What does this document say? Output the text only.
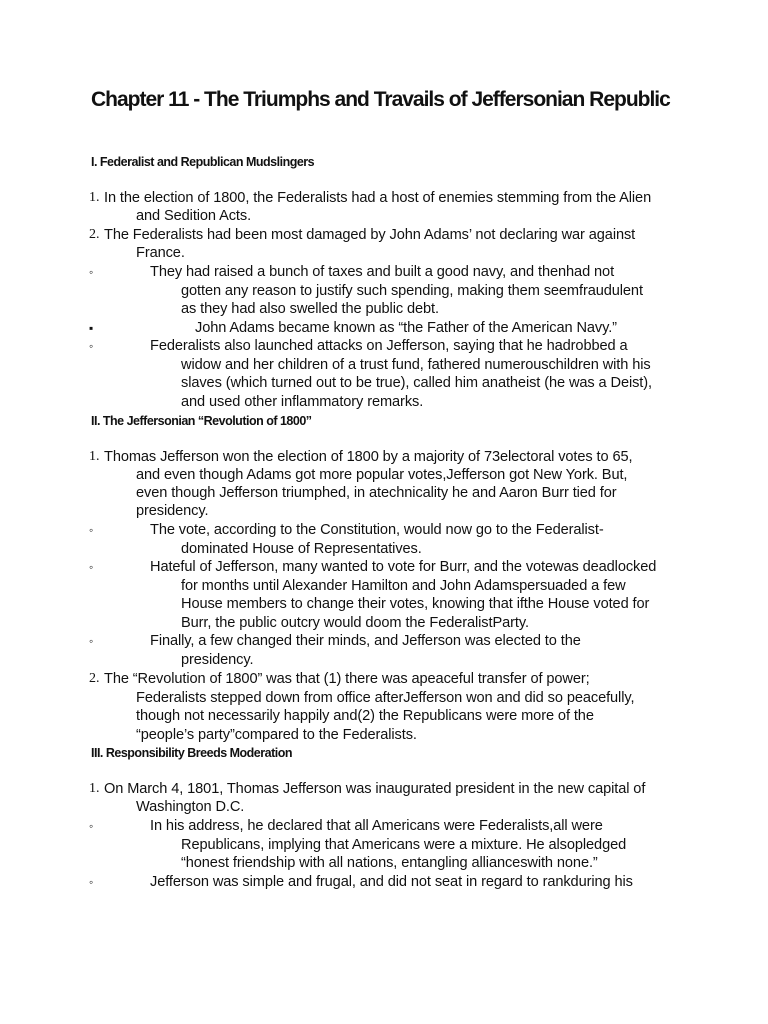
Chapter 11 - The Triumphs and Travails of Jeffersonian Republic
I. Federalist and Republican Mudslingers
1. In the election of 1800, the Federalists had a host of enemies stemming from the Alien
and Sedition Acts.
2. The Federalists had been most damaged by John Adams’ not declaring war against
France.
◦	They had raised a bunch of taxes and built a good navy, and thenhad not
gotten any reason to justify such spending, making them seemfraudulent
as they had also swelled the public debt.
▪	John Adams became known as “the Father of the American Navy.”
◦	Federalists also launched attacks on Jefferson, saying that he hadrobbed a
widow and her children of a trust fund, fathered numerouschildren with his
slaves (which turned out to be true), called him anatheist (he was a Deist),
and used other inflammatory remarks.
II. The Jeffersonian “Revolution of 1800”
1. Thomas Jefferson won the election of 1800 by a majority of 73electoral votes to 65,
and even though Adams got more popular votes,Jefferson got New York. But,
even though Jefferson triumphed, in atechnicality he and Aaron Burr tied for
presidency.
◦	The vote, according to the Constitution, would now go to the Federalist-
dominated House of Representatives.
◦	Hateful of Jefferson, many wanted to vote for Burr, and the votewas deadlocked
for months until Alexander Hamilton and John Adamspersuaded a few
House members to change their votes, knowing that ifthe House voted for
Burr, the public outcry would doom the FederalistParty.
◦	Finally, a few changed their minds, and Jefferson was elected to the
presidency.
2. The “Revolution of 1800” was that (1) there was apeaceful transfer of power;
Federalists stepped down from office afterJefferson won and did so peacefully,
though not necessarily happily and(2) the Republicans were more of the
“people’s party”compared to the Federalists.
III. Responsibility Breeds Moderation
1. On March 4, 1801, Thomas Jefferson was inaugurated president in the new capital of
Washington D.C.
◦	In his address, he declared that all Americans were Federalists,all were
Republicans, implying that Americans were a mixture. He alsopledged
“honest friendship with all nations, entangling allianceswith none.”
◦	Jefferson was simple and frugal, and did not seat in regard to rankduring his
